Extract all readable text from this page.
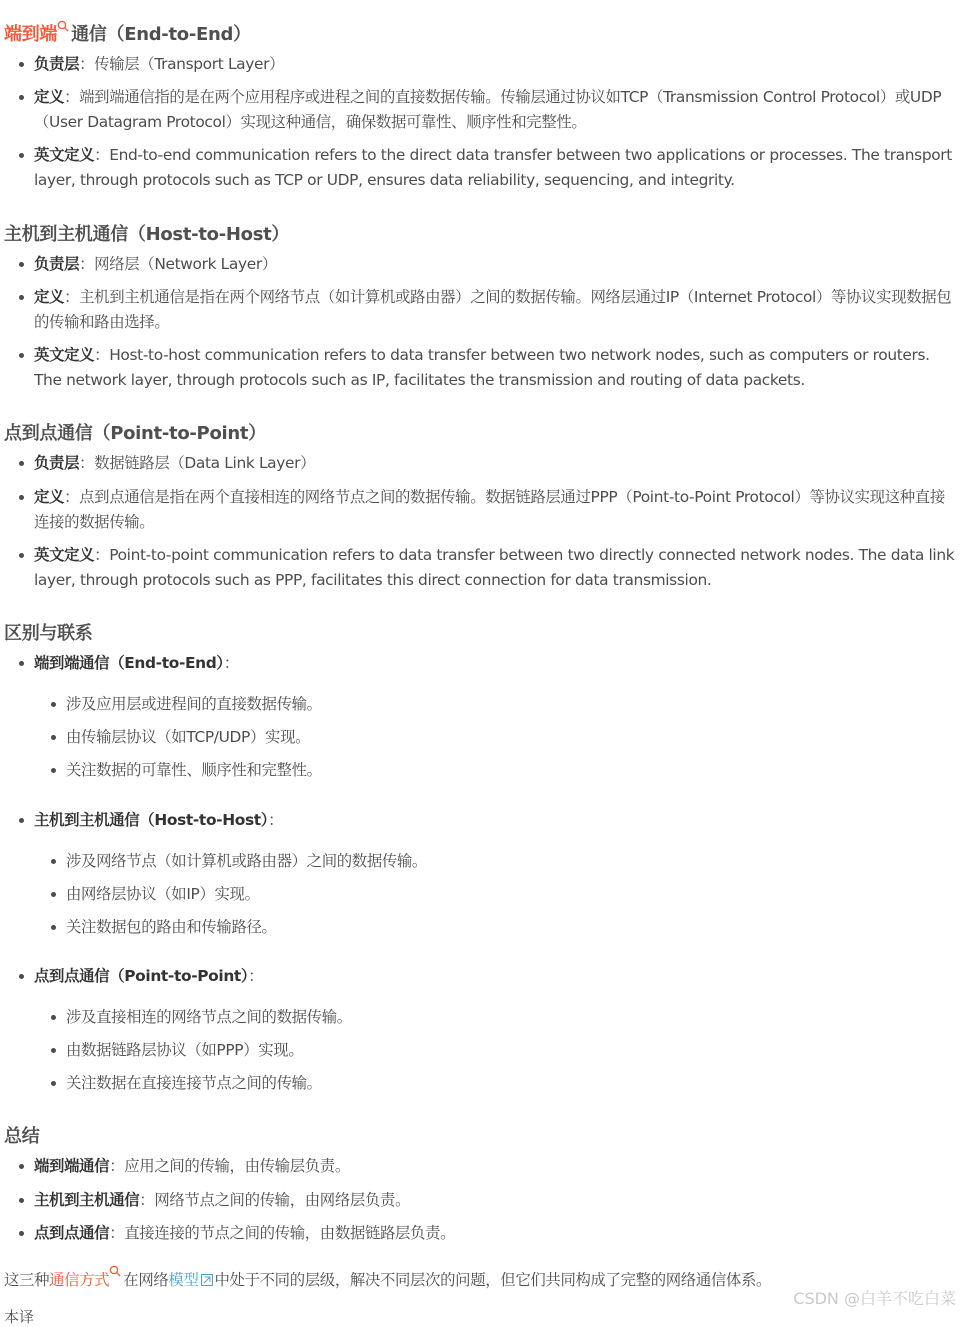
端到端 通信（End-to-End）
负责层：传输层（Transport Layer）
定义：端到端通信指的是在两个应用程序或进程之间的直接数据传输。传输层通过协议如TCP（Transmission Control Protocol）或UDP（User Datagram Protocol）实现这种通信，确保数据可靠性、顺序性和完整性。
英文定义：End-to-end communication refers to the direct data transfer between two applications or processes. The transport layer, through protocols such as TCP or UDP, ensures data reliability, sequencing, and integrity.
主机到主机通信（Host-to-Host）
负责层：网络层（Network Layer）
定义：主机到主机通信是指在两个网络节点（如计算机或路由器）之间的数据传输。网络层通过IP（Internet Protocol）等协议实现数据包的传输和路由选择。
英文定义：Host-to-host communication refers to data transfer between two network nodes, such as computers or routers. The network layer, through protocols such as IP, facilitates the transmission and routing of data packets.
点到点通信（Point-to-Point）
负责层：数据链路层（Data Link Layer）
定义：点到点通信是指在两个直接相连的网络节点之间的数据传输。数据链路层通过PPP（Point-to-Point Protocol）等协议实现这种直接连接的数据传输。
英文定义：Point-to-point communication refers to data transfer between two directly connected network nodes. The data link layer, through protocols such as PPP, facilitates this direct connection for data transmission.
区别与联系
端到端通信（End-to-End）：
涉及应用层或进程间的直接数据传输。
由传输层协议（如TCP/UDP）实现。
关注数据的可靠性、顺序性和完整性。
主机到主机通信（Host-to-Host）：
涉及网络节点（如计算机或路由器）之间的数据传输。
由网络层协议（如IP）实现。
关注数据包的路由和传输路径。
点到点通信（Point-to-Point）：
涉及直接相连的网络节点之间的数据传输。
由数据链路层协议（如PPP）实现。
关注数据在直接连接节点之间的传输。
总结
端到端通信：应用之间的传输，由传输层负责。
主机到主机通信：网络节点之间的传输，由网络层负责。
点到点通信：直接连接的节点之间的传输，由数据链路层负责。
这三种通信方式 在网络模型 中处于不同的层级，解决不同层次的问题，但它们共同构成了完整的网络通信体系。
本译
CSDN @白羊不吃白菜
